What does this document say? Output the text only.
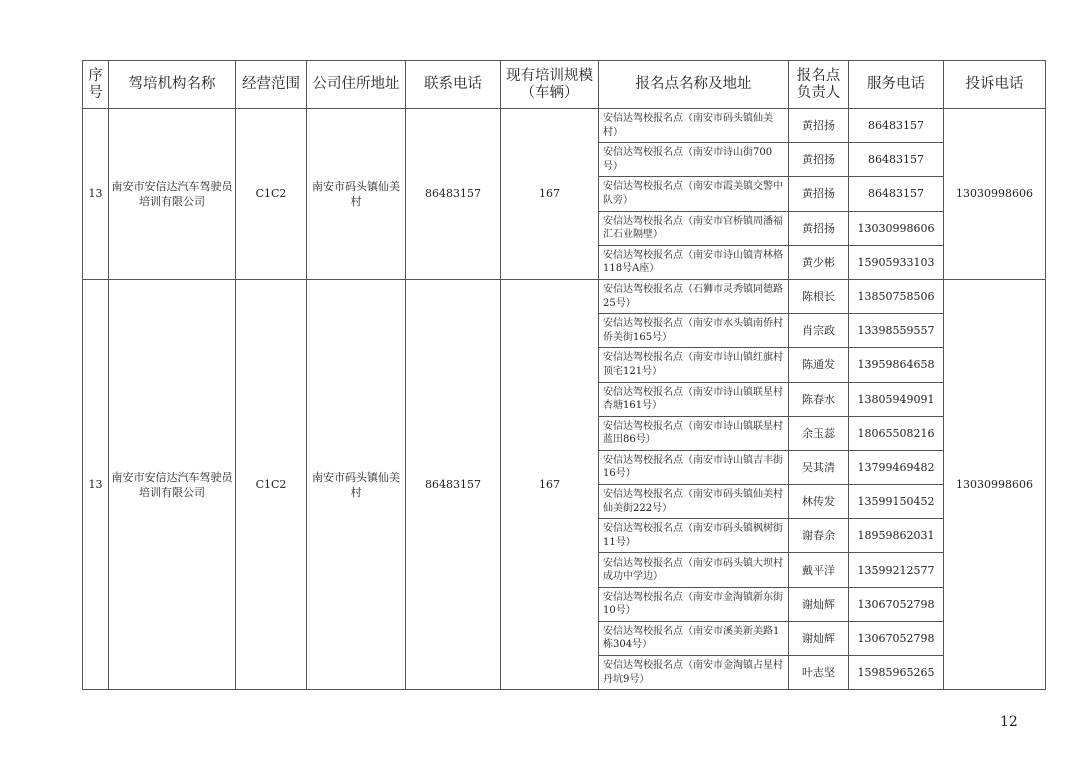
序号	驾培机构名称	经营范围	公司住所地址	联系电话	现有培训规模（车辆）	报名点名称及地址	报名点负责人	服务电话	投诉电话
13	南安市安信达汽车驾驶员培训有限公司	C1C2	南安市码头镇仙美村	86483157	167	安信达驾校报名点（南安市码头镇仙美村）	黄招扬	86483157	13030998606
						安信达驾校报名点（南安市诗山街700号）	黄招扬	86483157	
						安信达驾校报名点（南安市霞美镇交警中队旁）	黄招扬	86483157	
						安信达驾校报名点（南安市官桥镇周潘福汇石业隔壁）	黄招扬	13030998606	
						安信达驾校报名点（南安市诗山镇青林格118号A座）	黄少彬	15905933103	
13	南安市安信达汽车驾驶员培训有限公司	C1C2	南安市码头镇仙美村	86483157	167	安信达驾校报名点（石狮市灵秀镇同德路25号）	陈根长	13850758506	13030998606
						安信达驾校报名点（南安市水头镇南侨村侨美街165号）	肖宗政	13398559557	
						安信达驾校报名点（南安市诗山镇红旗村顶宅121号）	陈通发	13959864658	
						安信达驾校报名点（南安市诗山镇联星村杏塘161号）	陈春水	13805949091	
						安信达驾校报名点（南安市诗山镇联星村蓝田86号）	余玉蕊	18065508216	
						安信达驾校报名点（南安市诗山镇吉丰街16号）	吴其清	13799469482	
						安信达驾校报名点（南安市码头镇仙美村仙美街222号）	林传发	13599150452	
						安信达驾校报名点（南安市码头镇枫树街11号）	谢春余	18959862031	
						安信达驾校报名点（南安市码头镇大坝村成功中学边）	戴平洋	13599212577	
						安信达驾校报名点（南安市金淘镇新东街10号）	谢灿辉	13067052798	
						安信达驾校报名点（南安市溪美新美路1栋304号）	谢灿辉	13067052798	
						安信达驾校报名点（南安市金淘镇占星村丹坑9号）	叶志坚	15985965265	
12
